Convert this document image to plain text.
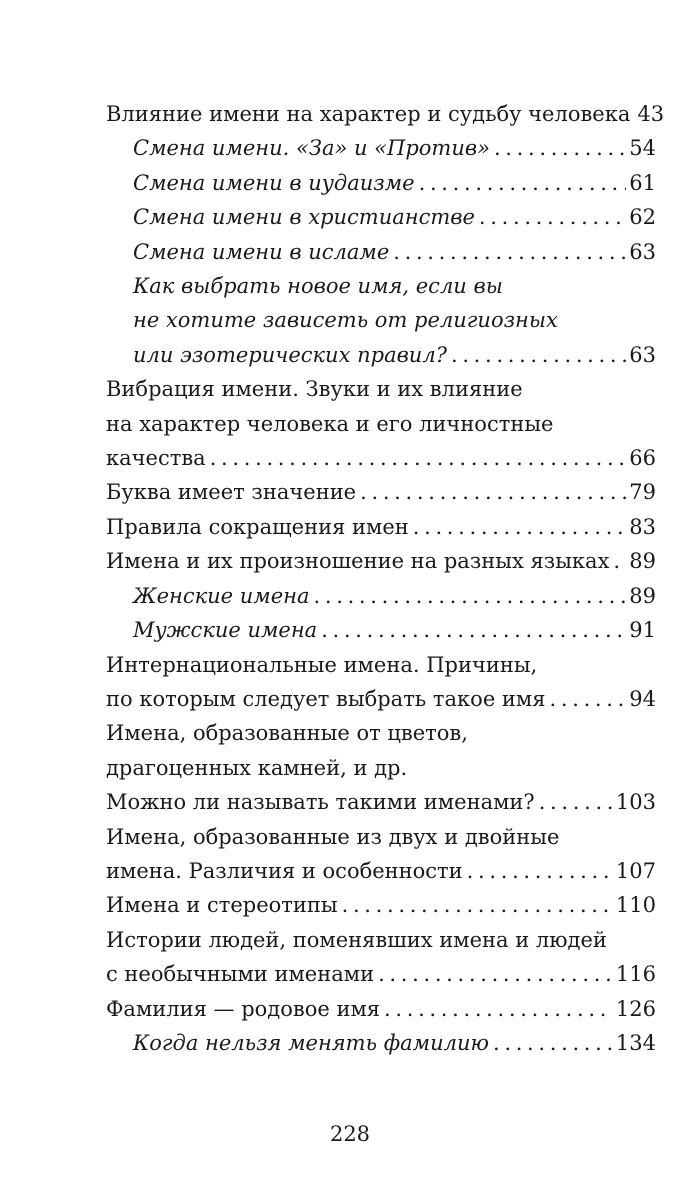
Влияние имени на характер и судьбу человека 43
Смена имени. «За» и «Против» . . .	54
Смена имени в иудаизме . . .	61
Смена имени в христианстве . . .	62
Смена имени в исламе . . .	63
Как выбрать новое имя, если вы
не хотите зависеть от религиозных
или эзотерических правил? . . .	63
Вибрация имени. Звуки и их влияние
на характер человека и его личностные
качества . . .	66
Буква имеет значение . . .	79
Правила сокращения имен . . .	83
Имена и их произношение на разных языках . . . 89
Женские имена . . .	89
Мужские имена . . .	91
Интернациональные имена. Причины,
по которым следует выбрать такое имя . . .	94
Имена, образованные от цветов,
драгоценных камней, и др.
Можно ли называть такими именами? . . .	103
Имена, образованные из двух и двойные
имена. Различия и особенности . . .	107
Имена и стереотипы . . .	110
Истории людей, поменявших имена и людей
с необычными именами . . .	116
Фамилия — родовое имя . . .	126
Когда нельзя менять фамилию . . .	134
228
